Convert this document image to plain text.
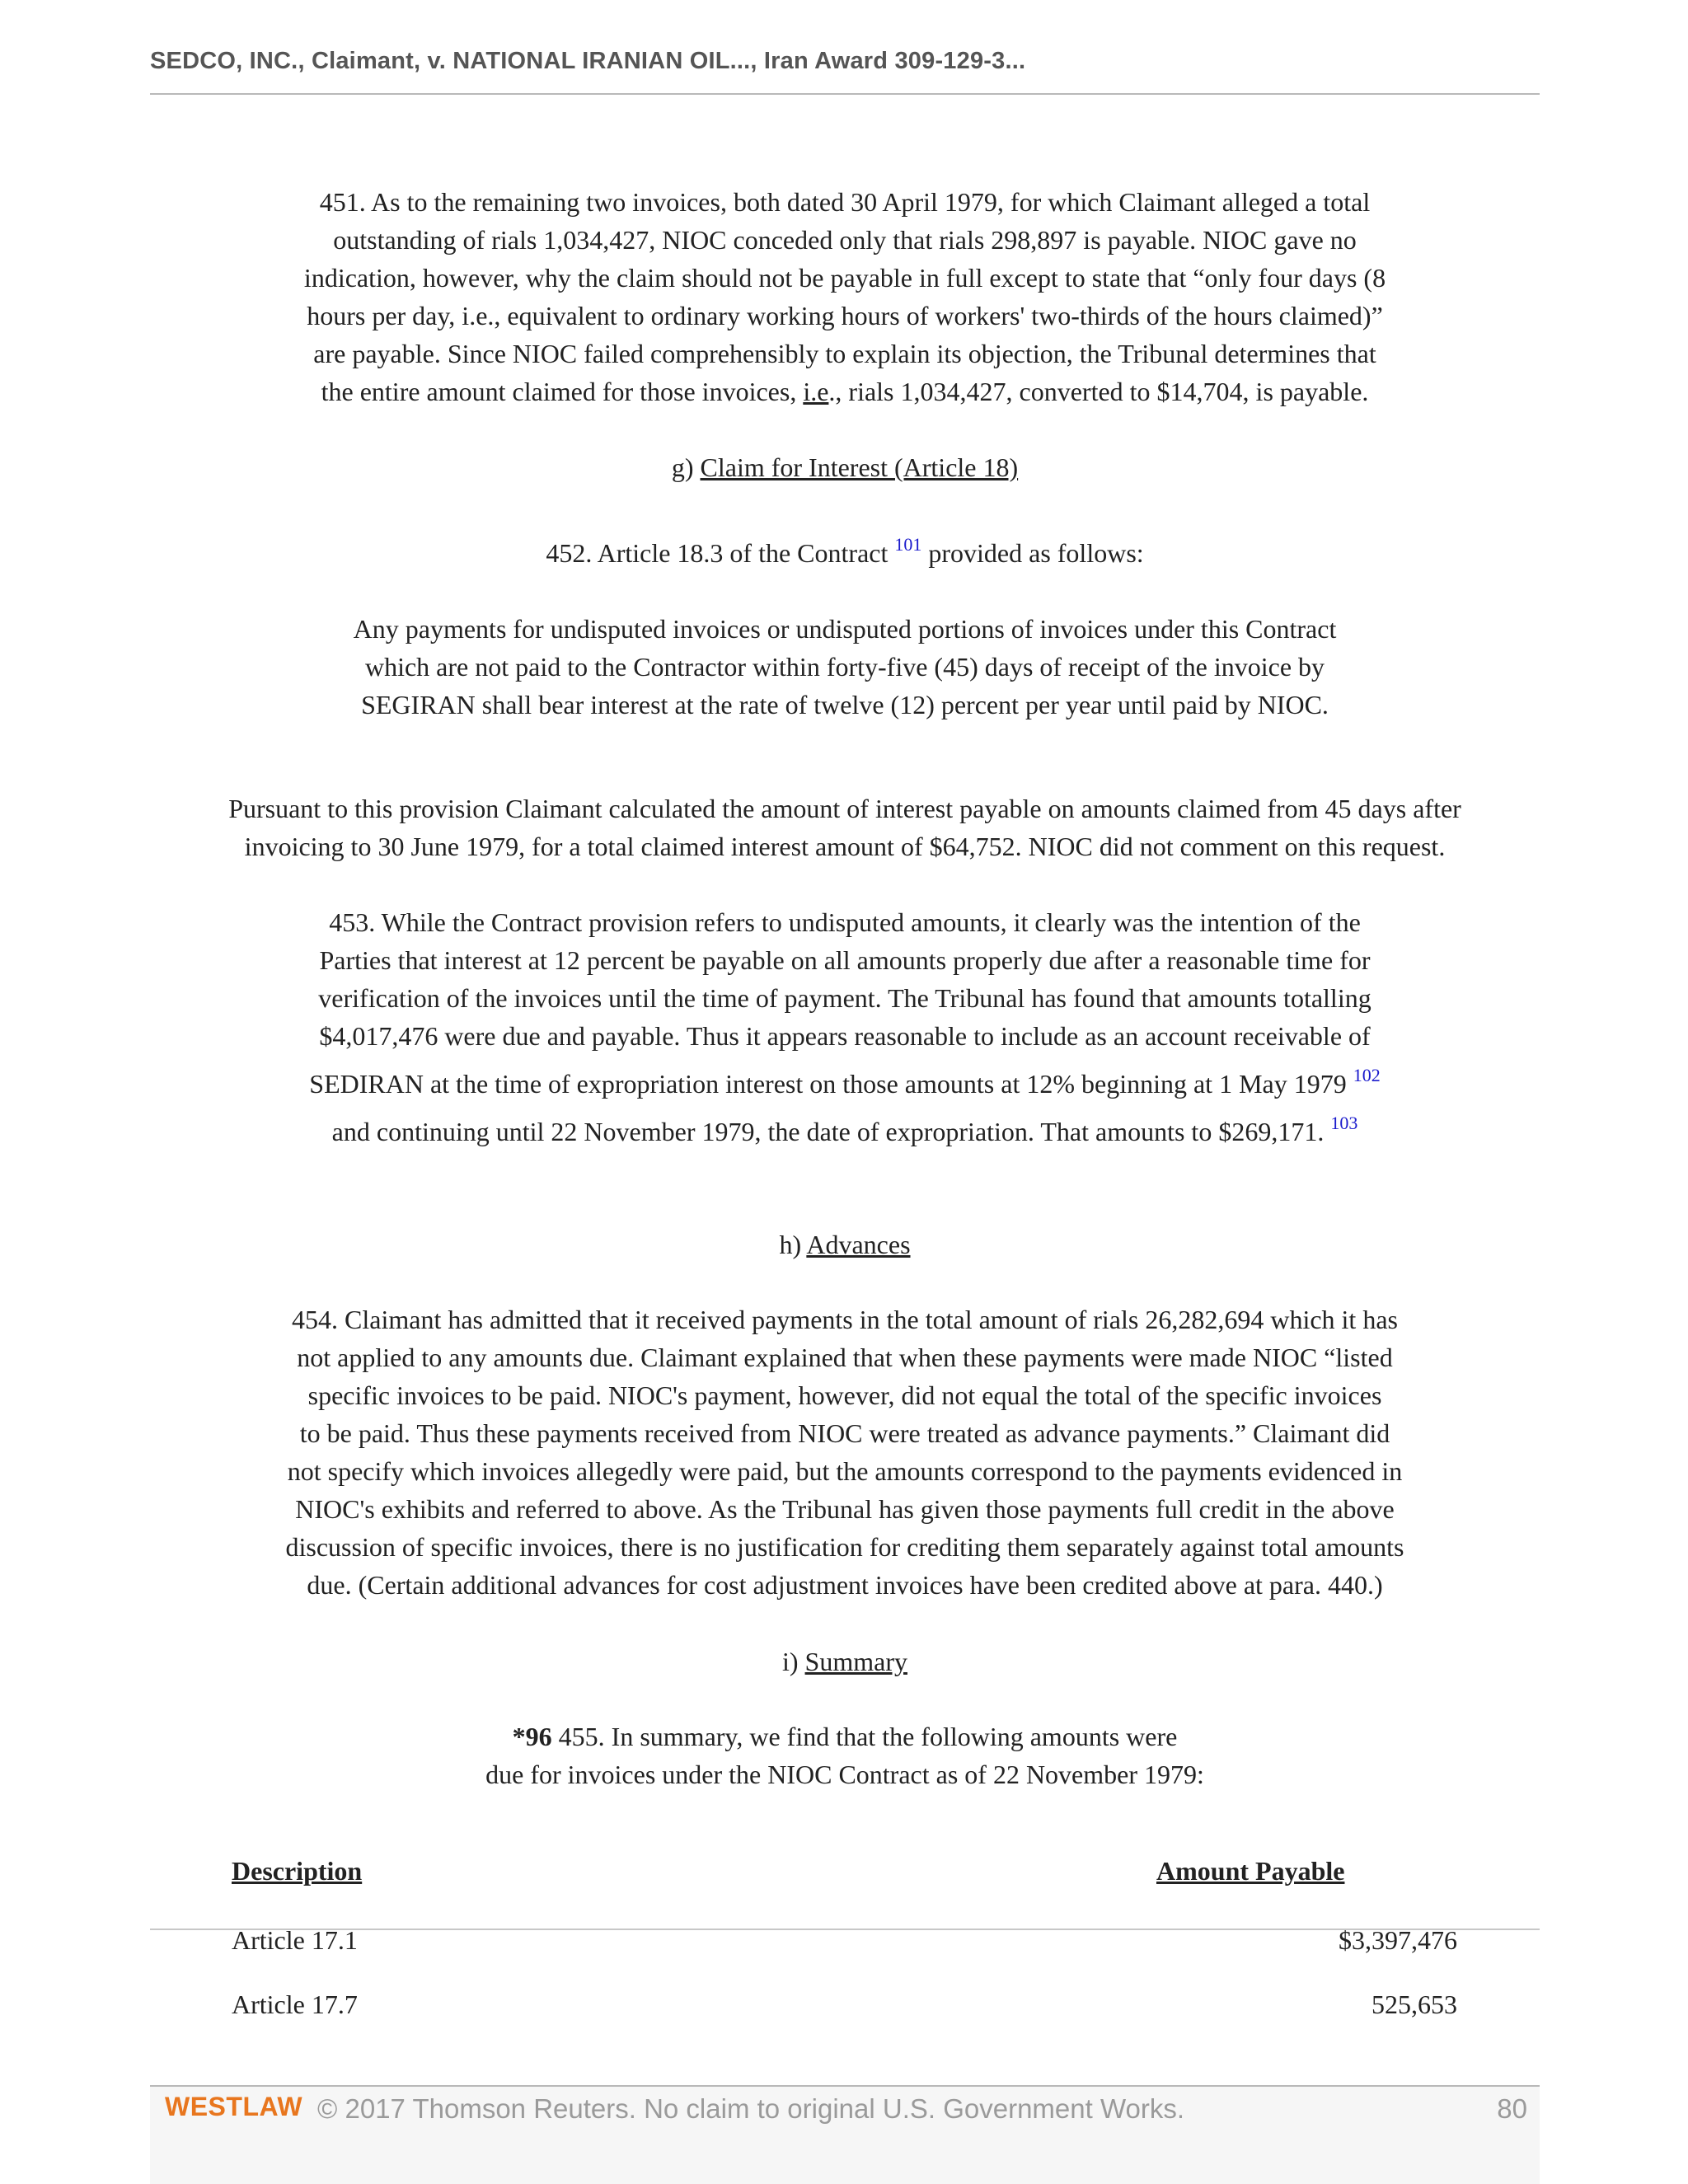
SEDCO, INC., Claimant, v. NATIONAL IRANIAN OIL..., Iran Award 309-129-3...
451. As to the remaining two invoices, both dated 30 April 1979, for which Claimant alleged a total
outstanding of rials 1,034,427, NIOC conceded only that rials 298,897 is payable. NIOC gave no
indication, however, why the claim should not be payable in full except to state that “only four days (8
hours per day, i.e., equivalent to ordinary working hours of workers' two-thirds of the hours claimed)”
are payable. Since NIOC failed comprehensibly to explain its objection, the Tribunal determines that
the entire amount claimed for those invoices, i.e., rials 1,034,427, converted to $14,704, is payable.
g) Claim for Interest (Article 18)
452. Article 18.3 of the Contract $^{101}$ provided as follows:
Any payments for undisputed invoices or undisputed portions of invoices under this Contract
which are not paid to the Contractor within forty-five (45) days of receipt of the invoice by
SEGIRAN shall bear interest at the rate of twelve (12) percent per year until paid by NIOC.
Pursuant to this provision Claimant calculated the amount of interest payable on amounts claimed from 45 days after
invoicing to 30 June 1979, for a total claimed interest amount of $64,752. NIOC did not comment on this request.
453. While the Contract provision refers to undisputed amounts, it clearly was the intention of the
Parties that interest at 12 percent be payable on all amounts properly due after a reasonable time for
verification of the invoices until the time of payment. The Tribunal has found that amounts totalling
$4,017,476 were due and payable. Thus it appears reasonable to include as an account receivable of
SEDIRAN at the time of expropriation interest on those amounts at 12% beginning at 1 May 1979 $^{102}$
and continuing until 22 November 1979, the date of expropriation. That amounts to $269,171. $^{103}$
h) Advances
454. Claimant has admitted that it received payments in the total amount of rials 26,282,694 which it has
not applied to any amounts due. Claimant explained that when these payments were made NIOC “listed
specific invoices to be paid. NIOC's payment, however, did not equal the total of the specific invoices
to be paid. Thus these payments received from NIOC were treated as advance payments.” Claimant did
not specify which invoices allegedly were paid, but the amounts correspond to the payments evidenced in
NIOC's exhibits and referred to above. As the Tribunal has given those payments full credit in the above
discussion of specific invoices, there is no justification for crediting them separately against total amounts
due. (Certain additional advances for cost adjustment invoices have been credited above at para. 440.)
i) Summary
*96 455. In summary, we find that the following amounts were
due for invoices under the NIOC Contract as of 22 November 1979:
Description	Amount Payable
Article 17.1	$3,397,476
Article 17.7	525,653
WESTLAW © 2017 Thomson Reuters. No claim to original U.S. Government Works.	80
